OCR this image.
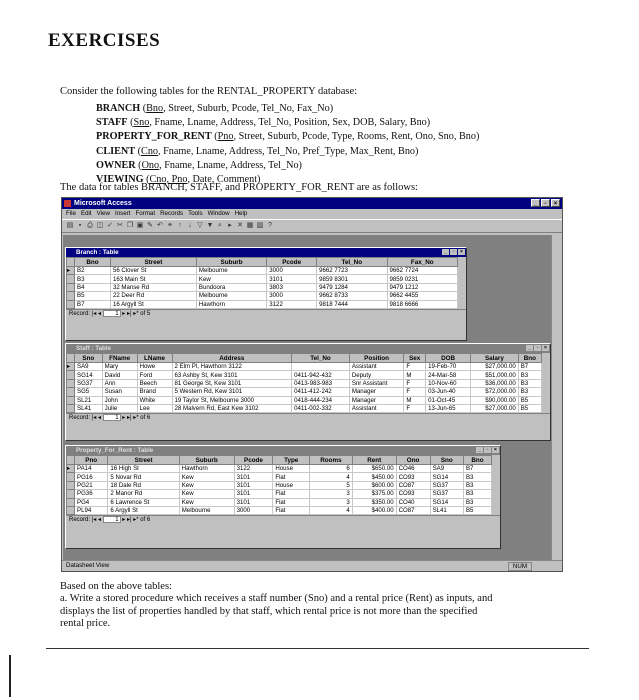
EXERCISES
Consider the following tables for the RENTAL_PROPERTY database:
BRANCH (Bno, Street, Suburb, Pcode, Tel_No, Fax_No)
STAFF (Sno, Fname, Lname, Address, Tel_No, Position, Sex, DOB, Salary, Bno)
PROPERTY_FOR_RENT (Pno, Street, Suburb, Pcode, Type, Rooms, Rent, Ono, Sno, Bno)
CLIENT (Cno, Fname, Lname, Address, Tel_No, Pref_Type, Max_Rent, Bno)
OWNER (Ono, Fname, Lname, Address, Tel_No)
VIEWING (Cno, Pno, Date, Comment)
The data for tables BRANCH, STAFF, and PROPERTY_FOR_RENT are as follows:
Microsoft Access	_	▫	×
File Edit View Insert Format Records Tools Window Help
▤ ▪ ⎙ ◫ ✓ ✂ ❐ ▣ ✎ ↶ ⚭ ↑ ↓ ▽ ▼ ⌕ ▸ ✕ ▦ ▧ ?
Branch : Table	_	▫	×
	Bno	Street	Suburb	Pcode	Tel_No	Fax_No
▸	B2	56 Clover St	Melbourne	3000	9662 7723	9662 7724
	B3	163 Main St	Kew	3101	9859 8301	9859 0231
	B4	32 Manse Rd	Bundoora	3803	9479 1284	9479 1212
	B5	22 Deer Rd	Melbourne	3000	9662 8733	9662 4455
	B7	16 Argyll St	Hawthorn	3122	9818 7444	9818 6666
Record: |◂ ◂ 1 ▸ ▸| ▸* of 5
Staff : Table	_	▫	×
	Sno	FName	LName	Address	Tel_No	Position	Sex	DOB	Salary	Bno
▸	SA9	Mary	Howe	2 Elm Pl, Hawthorn 3122		Assistant	F	19-Feb-70	$27,000.00	B7
	SG14	David	Ford	63 Ashby St, Kew 3101	0411-942-432	Deputy	M	24-Mar-58	$51,000.00	B3
	SG37	Ann	Beech	81 George St, Kew 3101	0413-983-983	Snr Assistant	F	10-Nov-60	$36,000.00	B3
	SG5	Susan	Brand	5 Western Rd, Kew 3101	0411-412-242	Manager	F	03-Jun-40	$72,000.00	B3
	SL21	John	White	19 Taylor St, Melbourne 3000	0418-444-234	Manager	M	01-Oct-45	$90,000.00	B5
	SL41	Julie	Lee	28 Malvern Rd, East Kew 3102	0411-002-332	Assistant	F	13-Jun-65	$27,000.00	B5
Record: |◂ ◂ 1 ▸ ▸| ▸* of 6
Property_For_Rent : Table	_	▫	×
	Pno	Street	Suburb	Pcode	Type	Rooms	Rent	Ono	Sno	Bno
▸	PA14	16 High St	Hawthorn	3122	House	6	$650.00	CO46	SA9	B7
	PG16	5 Novar Rd	Kew	3101	Flat	4	$450.00	CO93	SG14	B3
	PG21	18 Dale Rd	Kew	3101	House	5	$600.00	CO87	SG37	B3
	PG36	2 Manor Rd	Kew	3101	Flat	3	$375.00	CO93	SG37	B3
	PG4	6 Lawrence St	Kew	3101	Flat	3	$350.00	CO40	SG14	B3
	PL94	6 Argyll St	Melbourne	3000	Flat	4	$400.00	CO87	SL41	B5
Record: |◂ ◂ 1 ▸ ▸| ▸* of 6
Datasheet View	NUM
Based on the above tables:
a. Write a stored procedure which receives a staff number (Sno) and a rental price (Rent) as inputs, and displays the list of properties handled by that staff, which rental price is not more than the specified rental price.
